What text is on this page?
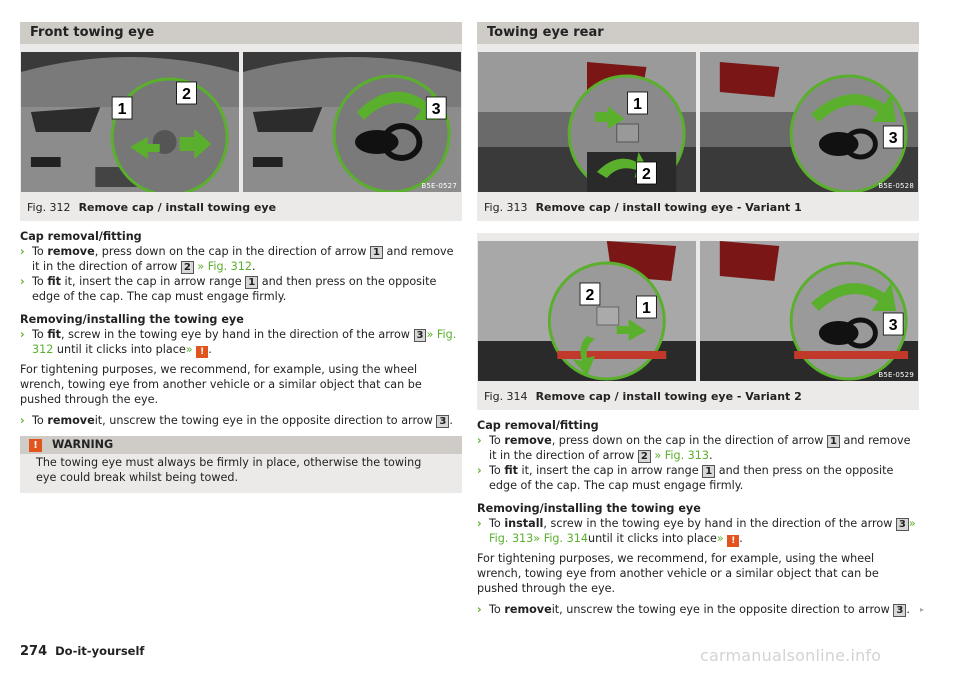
Front towing eye
1
2
3
B5E-0527
Fig. 312 Remove cap / install towing eye
Cap removal/fitting
› To remove, press down on the cap in the direction of arrow 1 and remove it in the direction of arrow 2 » Fig. 312.
› To fit it, insert the cap in arrow range 1 and then press on the opposite edge of the cap. The cap must engage firmly.
Removing/installing the towing eye
› To fit, screw in the towing eye by hand in the direction of the arrow 3 » Fig. 312 until it clicks into place» ! .
For tightening purposes, we recommend, for example, using the wheel wrench, towing eye from another vehicle or a similar object that can be pushed through the eye.
› To removeit, unscrew the towing eye in the opposite direction to arrow 3 .
!	WARNING
The towing eye must always be firmly in place, otherwise the towing eye could break whilst being towed.
Towing eye rear
1
2
3
B5E-0528
Fig. 313 Remove cap / install towing eye - Variant 1
2
1
3
B5E-0529
Fig. 314 Remove cap / install towing eye - Variant 2
Cap removal/fitting
› To remove, press down on the cap in the direction of arrow 1 and remove it in the direction of arrow 2 » Fig. 313.
› To fit it, insert the cap in arrow range 1 and then press on the opposite edge of the cap. The cap must engage firmly.
Removing/installing the towing eye
› To install, screw in the towing eye by hand in the direction of the arrow 3 » Fig. 313» Fig. 314until it clicks into place» ! .
For tightening purposes, we recommend, for example, using the wheel wrench, towing eye from another vehicle or a similar object that can be pushed through the eye.
› To removeit, unscrew the towing eye in the opposite direction to arrow 3 .	▸
274 Do-it-yourself	carmanualsonline.info
